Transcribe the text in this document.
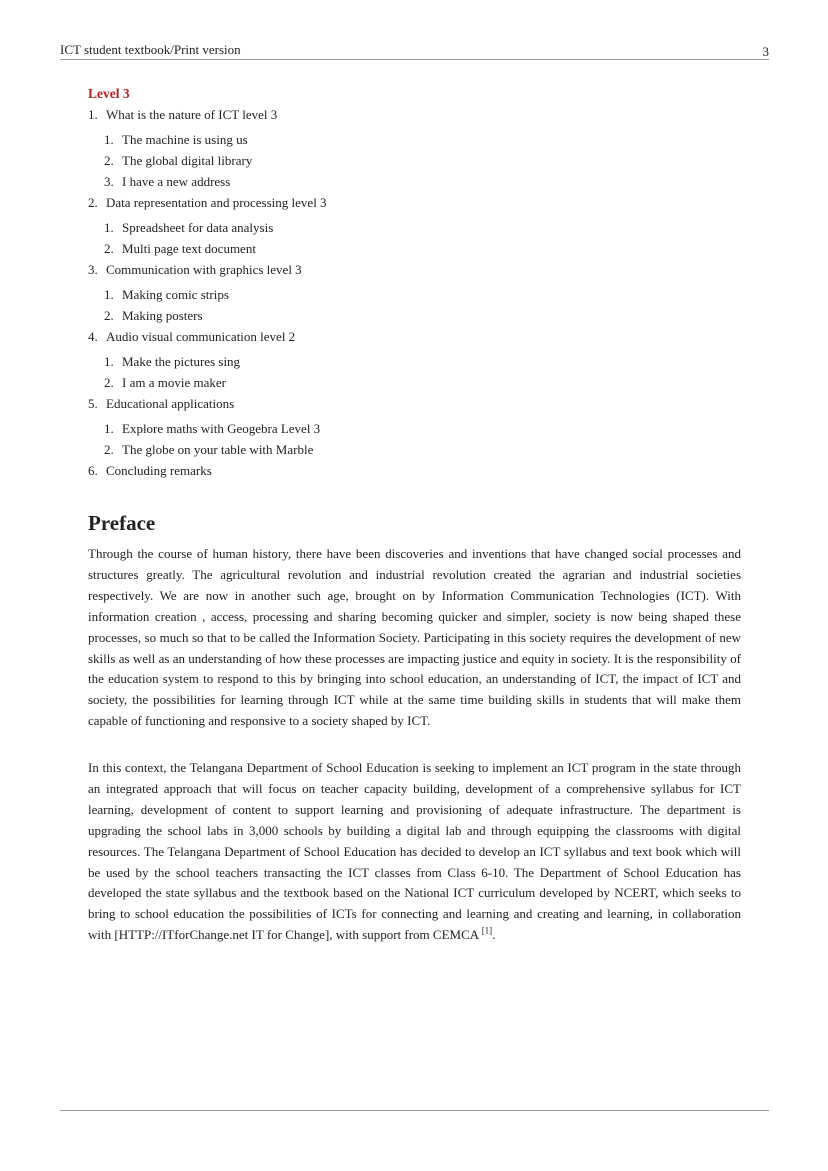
ICT student textbook/Print version	3
Level 3
1. What is the nature of ICT level 3
1. The machine is using us
2. The global digital library
3. I have a new address
2. Data representation and processing level 3
1. Spreadsheet for data analysis
2. Multi page text document
3. Communication with graphics level 3
1. Making comic strips
2. Making posters
4. Audio visual communication level 2
1. Make the pictures sing
2. I am a movie maker
5. Educational applications
1. Explore maths with Geogebra Level 3
2. The globe on your table with Marble
6. Concluding remarks
Preface

Through the course of human history, there have been discoveries and inventions that have changed social processes and structures greatly. The agricultural revolution and industrial revolution created the agrarian and industrial societies respectively. We are now in another such age, brought on by Information Communication Technologies (ICT). With information creation , access, processing and sharing becoming quicker and simpler, society is now being shaped these processes, so much so that to be called the Information Society. Participating in this society requires the development of new skills as well as an understanding of how these processes are impacting justice and equity in society. It is the responsibility of the education system to respond to this by bringing into school education, an understanding of ICT, the impact of ICT and society, the possibilities for learning through ICT while at the same time building skills in students that will make them capable of functioning and responsive to a society shaped by ICT.

In this context, the Telangana Department of School Education is seeking to implement an ICT program in the state through an integrated approach that will focus on teacher capacity building, development of a comprehensive syllabus for ICT learning, development of content to support learning and provisioning of adequate infrastructure. The department is upgrading the school labs in 3,000 schools by building a digital lab and through equipping the classrooms with digital resources. The Telangana Department of School Education has decided to develop an ICT syllabus and text book which will be used by the school teachers transacting the ICT classes from Class 6-10. The Department of School Education has developed the state syllabus and the textbook based on the National ICT curriculum developed by NCERT, which seeks to bring to school education the possibilities of ICTs for connecting and learning and creating and learning, in collaboration with [HTTP://ITforChange.net IT for Change], with support from CEMCA [1].
